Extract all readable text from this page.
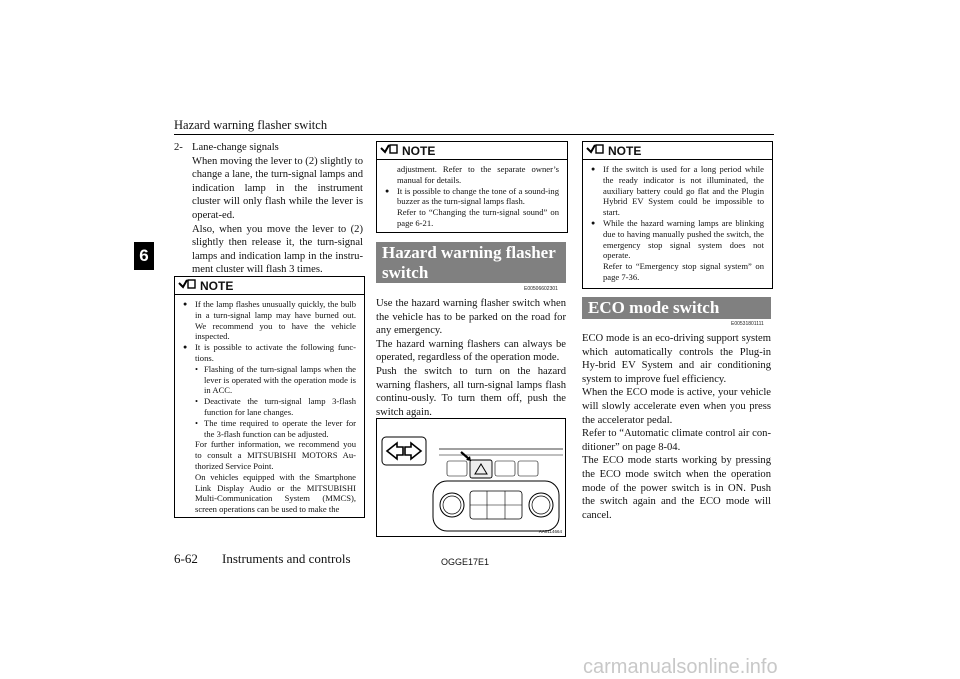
Hazard warning flasher switch
6
2- Lane-change signals

When moving the lever to (2) slightly to change a lane, the turn-signal lamps and indication lamp in the instrument cluster will only flash while the lever is operat-ed.

Also, when you move the lever to (2) slightly then release it, the turn-signal lamps and indication lamp in the instru-ment cluster will flash 3 times.

NOTE
● If the lamp flashes unusually quickly, the bulb in a turn-signal lamp may have burned out. We recommend you to have the vehicle inspected.
● It is possible to activate the following func-tions.
• Flashing of the turn-signal lamps when the lever is operated with the operation mode is in ACC.
• Deactivate the turn-signal lamp 3-flash function for lane changes.
• The time required to operate the lever for the 3-flash function can be adjusted.

For further information, we recommend you to consult a MITSUBISHI MOTORS Au-thorized Service Point.

On vehicles equipped with the Smartphone Link Display Audio or the MITSUBISHI Multi-Communication System (MMCS), screen operations can be used to make the

NOTE

adjustment. Refer to the separate owner’s manual for details.

● It is possible to change the tone of a sound-ing buzzer as the turn-signal lamps flash.

Refer to “Changing the turn-signal sound” on page 6-21.

Hazard warning flasher
switch
E00506602301

Use the hazard warning flasher switch when the vehicle has to be parked on the road for any emergency.

The hazard warning flashers can always be operated, regardless of the operation mode.

Push the switch to turn on the hazard warning flashers, all turn-signal lamps flash continu-ously. To turn them off, push the switch again.

AA0114664
NOTE
● If the switch is used for a long period while the ready indicator is not illuminated, the auxiliary battery could go flat and the Plugin Hybrid EV System could be impossible to start.
● While the hazard warning lamps are blinking due to having manually pushed the switch, the emergency stop signal system does not operate.

Refer to “Emergency stop signal system” on page 7-36.

ECO mode switch
E00531801111

ECO mode is an eco-driving support system which automatically controls the Plug-in Hy-brid EV System and air conditioning system to improve fuel efficiency.

When the ECO mode is active, your vehicle will slowly accelerate even when you press the accelerator pedal.

Refer to “Automatic climate control air con-ditioner” on page 8-04.

The ECO mode starts working by pressing the ECO mode switch when the operation mode of the power switch is in ON. Push the switch again and the ECO mode will cancel.

6-62 Instruments and controls	OGGE17E1
carmanualsonline.info
